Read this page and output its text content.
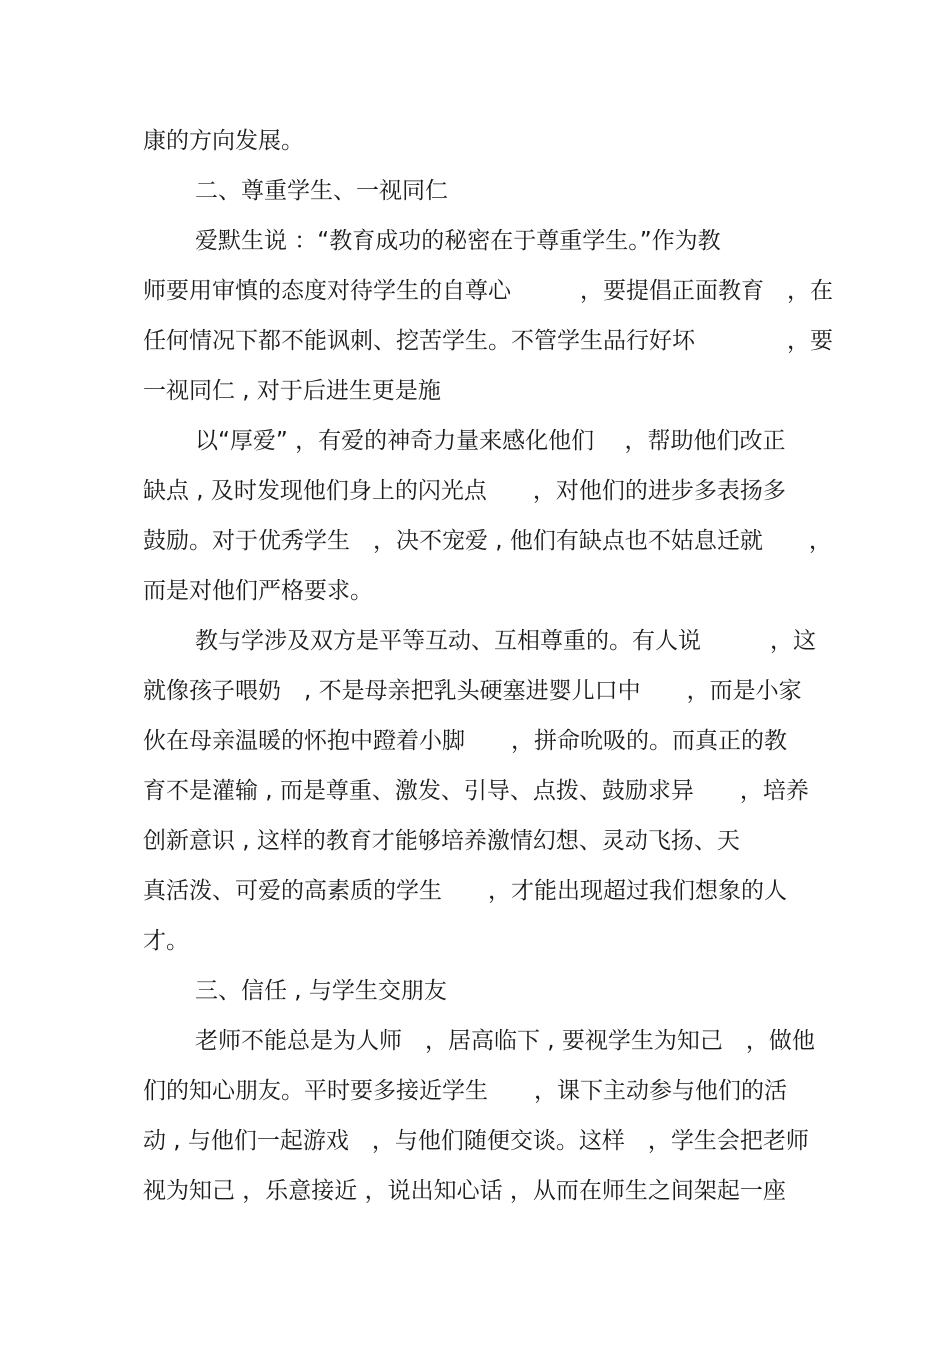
康的方向发展。

二、尊重学生、一视同仁

爱默生说 ：“教育成功的秘密在于尊重学生。”作为教

师要用审慎的态度对待学生的自尊心　　　，要提倡正面教育　，在

任何情况下都不能讽刺、挖苦学生。不管学生品行好坏　　　　，要

一视同仁 , 对于后进生更是施

以“厚爱” ，有爱的神奇力量来感化他们　 ，帮助他们改正

缺点 , 及时发现他们身上的闪光点　　，对他们的进步多表扬多

鼓励。对于优秀学生　，决不宠爱 , 他们有缺点也不姑息迁就　　，

而是对他们严格要求。

教与学涉及双方是平等互动、互相尊重的。有人说　　　，这

就像孩子喂奶　, 不是母亲把乳头硬塞进婴儿口中　　，而是小家

伙在母亲温暖的怀抱中蹬着小脚　　，拼命吮吸的。而真正的教

育不是灌输 , 而是尊重、激发、引导、点拨、鼓励求异　　，培养

创新意识 , 这样的教育才能够培养激情幻想、灵动飞扬、天

真活泼、可爱的高素质的学生　　，才能出现超过我们想象的人

才。

三、信任 , 与学生交朋友

老师不能总是为人师　，居高临下 , 要视学生为知己　，做他

们的知心朋友。平时要多接近学生　　，课下主动参与他们的活

动 , 与他们一起游戏　，与他们随便交谈。这样　，学生会把老师

视为知己 ，乐意接近 ，说出知心话 ，从而在师生之间架起一座
